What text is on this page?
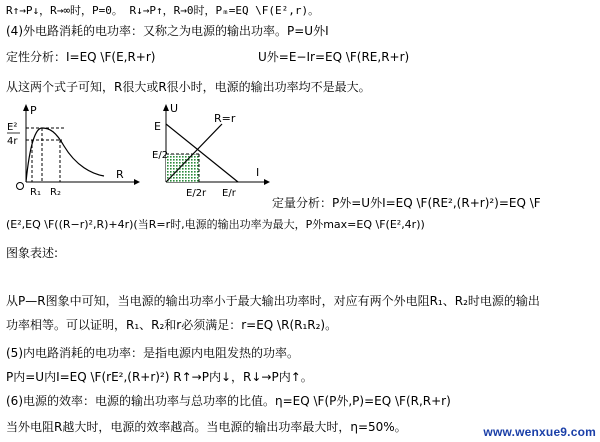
R↑→P↓，R→∞时，P=0。 R↓→P↑，R→0时，Pₘ=EQ \F(E²,r)。
(4)外电路消耗的电功率：又称之为电源的输出功率。P=U外I
定性分析：I=EQ \F(E,R+r)	U外=E−Ir=EQ \F(RE,R+r)
从这两个式子可知，R很大或R很小时，电源的输出功率均不是最大。
P
E²
4r
R₁ R₂
R
U
E
E/2
R=r
I
E/2r E/r
定量分析：P外=U外I=EQ \F(RE²,(R+r)²)=EQ \F
(E²,EQ \F((R−r)²,R)+4r)(当R=r时,电源的输出功率为最大，P外max=EQ \F(E²,4r))
图象表述:
从P—R图象中可知，当电源的输出功率小于最大输出功率时，对应有两个外电阻R₁、R₂时电源的输出
功率相等。可以证明，R₁、R₂和r必须满足：r=EQ \R(R₁R₂)。
(5)内电路消耗的电功率：是指电源内电阻发热的功率。
P内=U内I=EQ \F(rE²,(R+r)²) R↑→P内↓，R↓→P内↑。
(6)电源的效率：电源的输出功率与总功率的比值。η=EQ \F(P外,P)=EQ \F(R,R+r)
当外电阻R越大时，电源的效率越高。当电源的输出功率最大时，η=50%。	www.wenxue9.com
